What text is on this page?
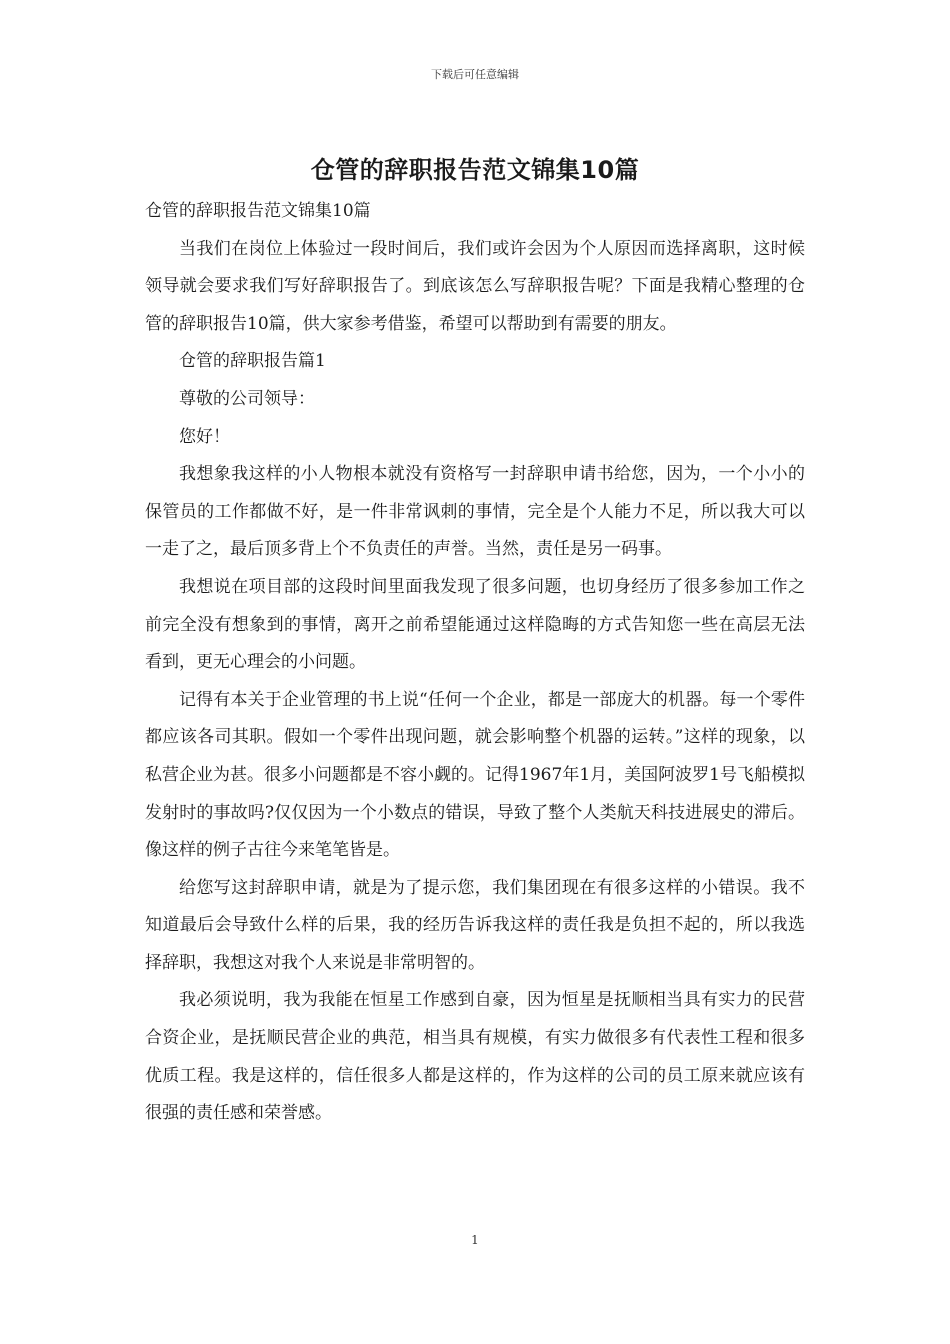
下载后可任意编辑
仓管的辞职报告范文锦集10篇

仓管的辞职报告范文锦集10篇

当我们在岗位上体验过一段时间后，我们或许会因为个人原因而选择离职，这时候领导就会要求我们写好辞职报告了。到底该怎么写辞职报告呢？下面是我精心整理的仓管的辞职报告10篇，供大家参考借鉴，希望可以帮助到有需要的朋友。

仓管的辞职报告篇1

尊敬的公司领导：

您好！

我想象我这样的小人物根本就没有资格写一封辞职申请书给您，因为，一个小小的保管员的工作都做不好，是一件非常讽刺的事情，完全是个人能力不足，所以我大可以一走了之，最后顶多背上个不负责任的声誉。当然，责任是另一码事。

我想说在项目部的这段时间里面我发现了很多问题，也切身经历了很多参加工作之前完全没有想象到的事情，离开之前希望能通过这样隐晦的方式告知您一些在高层无法看到，更无心理会的小问题。

记得有本关于企业管理的书上说“任何一个企业，都是一部庞大的机器。每一个零件都应该各司其职。假如一个零件出现问题，就会影响整个机器的运转。”这样的现象，以私营企业为甚。很多小问题都是不容小觑的。记得1967年1月，美国阿波罗1号飞船模拟发射时的事故吗?仅仅因为一个小数点的错误，导致了整个人类航天科技进展史的滞后。像这样的例子古往今来笔笔皆是。

给您写这封辞职申请，就是为了提示您，我们集团现在有很多这样的小错误。我不知道最后会导致什么样的后果，我的经历告诉我这样的责任我是负担不起的，所以我选择辞职，我想这对我个人来说是非常明智的。

我必须说明，我为我能在恒星工作感到自豪，因为恒星是抚顺相当具有实力的民营合资企业，是抚顺民营企业的典范，相当具有规模，有实力做很多有代表性工程和很多优质工程。我是这样的，信任很多人都是这样的，作为这样的公司的员工原来就应该有很强的责任感和荣誉感。

1
